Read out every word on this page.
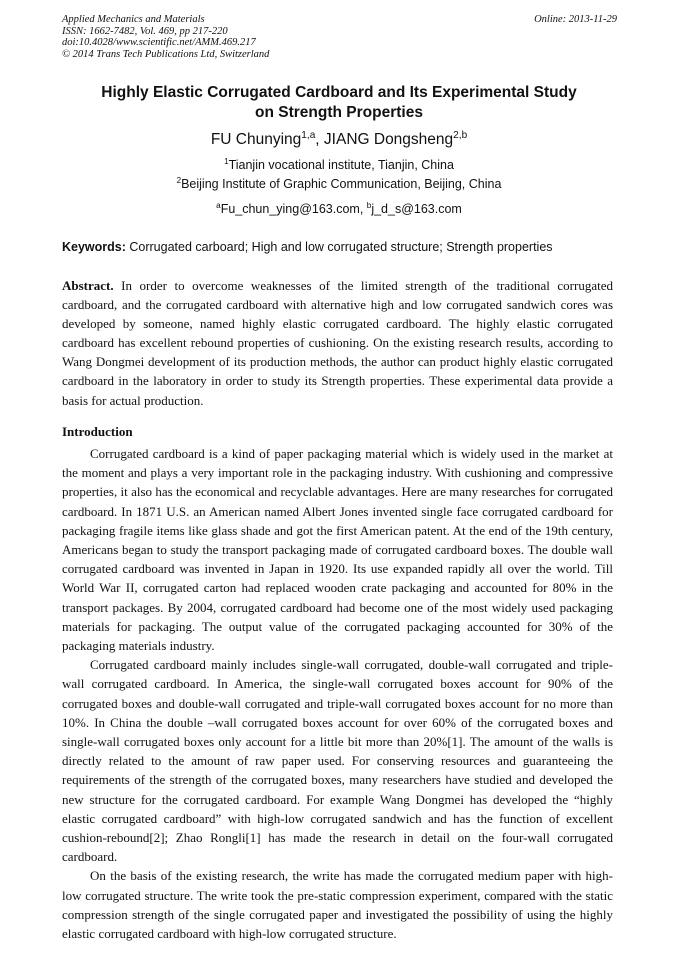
Applied Mechanics and Materials
ISSN: 1662-7482, Vol. 469, pp 217-220
doi:10.4028/www.scientific.net/AMM.469.217
© 2014 Trans Tech Publications Ltd, Switzerland
Online: 2013-11-29
Highly Elastic Corrugated Cardboard and Its Experimental Study
on Strength Properties
FU Chunying$^{1,a}$, JIANG Dongsheng$^{2,b}$
$^1$Tianjin vocational institute, Tianjin, China
$^2$Beijing Institute of Graphic Communication, Beijing, China
$^a$Fu_chun_ying@163.com, $^b$j_d_s@163.com
Keywords: Corrugated carboard; High and low corrugated structure; Strength properties

Abstract. In order to overcome weaknesses of the limited strength of the traditional corrugated cardboard, and the corrugated cardboard with alternative high and low corrugated sandwich cores was developed by someone, named highly elastic corrugated cardboard. The highly elastic corrugated cardboard has excellent rebound properties of cushioning. On the existing research results, according to Wang Dongmei development of its production methods, the author can product highly elastic corrugated cardboard in the laboratory in order to study its Strength properties. These experimental data provide a basis for actual production.

Introduction

Corrugated cardboard is a kind of paper packaging material which is widely used in the market at the moment and plays a very important role in the packaging industry. With cushioning and compressive properties, it also has the economical and recyclable advantages. Here are many researches for corrugated cardboard. In 1871 U.S. an American named Albert Jones invented single face corrugated cardboard for packaging fragile items like glass shade and got the first American patent. At the end of the 19th century, Americans began to study the transport packaging made of corrugated cardboard boxes. The double wall corrugated cardboard was invented in Japan in 1920. Its use expanded rapidly all over the world. Till World War II, corrugated carton had replaced wooden crate packaging and accounted for 80% in the transport packages. By 2004, corrugated cardboard had become one of the most widely used packaging materials for packaging. The output value of the corrugated packaging accounted for 30% of the packaging materials industry.

Corrugated cardboard mainly includes single-wall corrugated, double-wall corrugated and triple-wall corrugated cardboard. In America, the single-wall corrugated boxes account for 90% of the corrugated boxes and double-wall corrugated and triple-wall corrugated boxes account for no more than 10%. In China the double –wall corrugated boxes account for over 60% of the corrugated boxes and single-wall corrugated boxes only account for a little bit more than 20%[1]. The amount of the walls is directly related to the amount of raw paper used. For conserving resources and guaranteeing the requirements of the strength of the corrugated boxes, many researchers have studied and developed the new structure for the corrugated cardboard. For example Wang Dongmei has developed the “highly elastic corrugated cardboard” with high-low corrugated sandwich and has the function of excellent cushion-rebound[2]; Zhao Rongli[1] has made the research in detail on the four-wall corrugated cardboard.

On the basis of the existing research, the write has made the corrugated medium paper with high-low corrugated structure. The write took the pre-static compression experiment, compared with the static compression strength of the single corrugated paper and investigated the possibility of using the highly elastic corrugated cardboard with high-low corrugated structure.
